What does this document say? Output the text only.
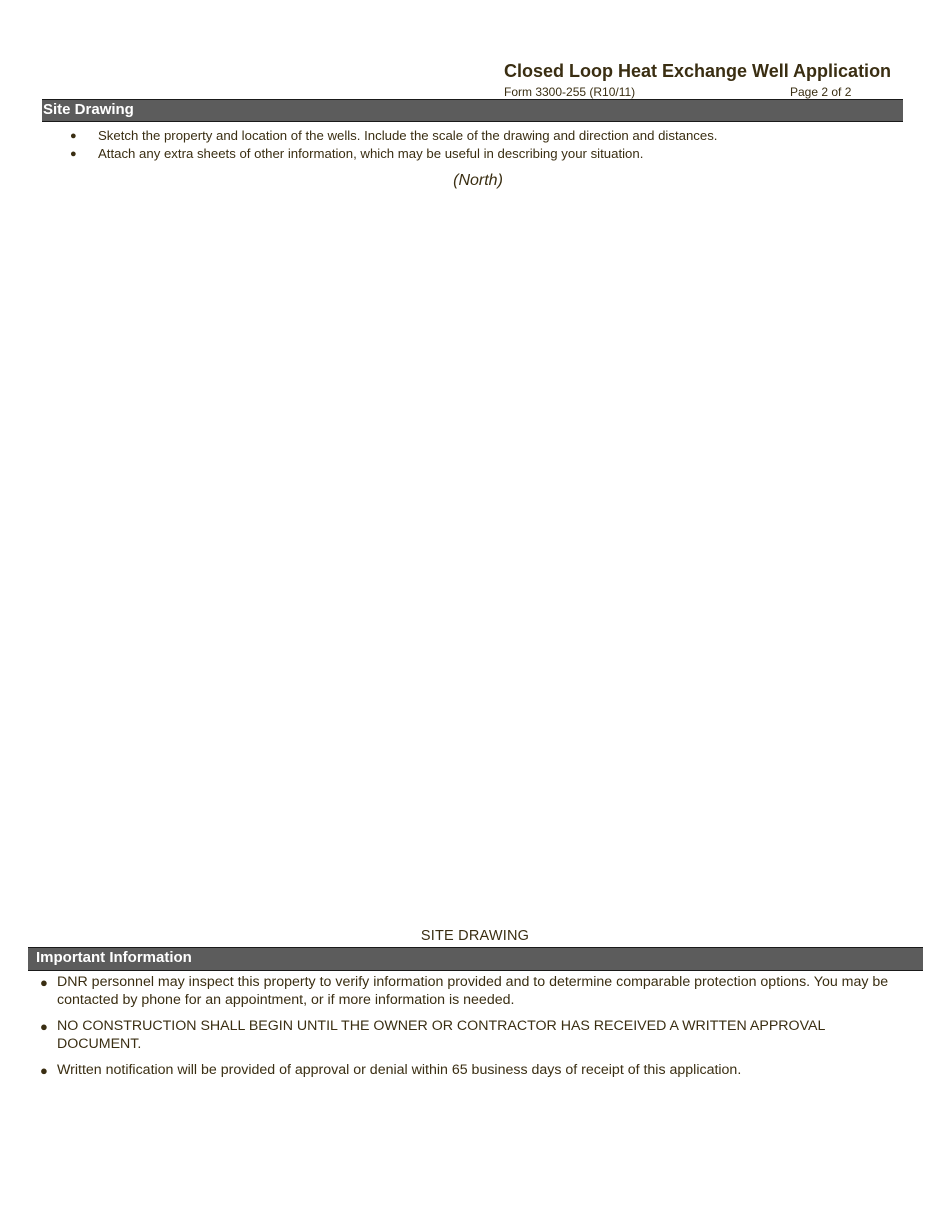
Closed Loop Heat Exchange Well Application
Form 3300-255 (R10/11)	Page 2 of 2
Site Drawing
● Sketch the property and location of the wells. Include the scale of the drawing and direction and distances.
● Attach any extra sheets of other information, which may be useful in describing your situation.
(North)
SITE DRAWING
Important Information
● DNR personnel may inspect this property to verify information provided and to determine comparable protection options. You may be contacted by phone for an appointment, or if more information is needed.
● NO CONSTRUCTION SHALL BEGIN UNTIL THE OWNER OR CONTRACTOR HAS RECEIVED A WRITTEN APPROVAL DOCUMENT.
● Written notification will be provided of approval or denial within 65 business days of receipt of this application.
